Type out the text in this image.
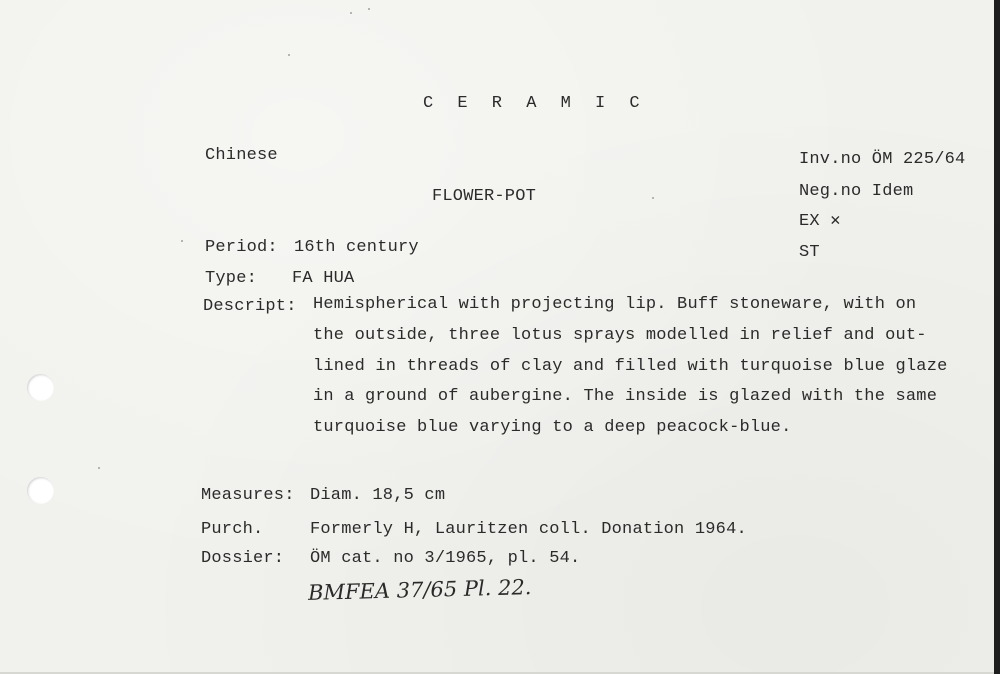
C E R A M I C
Chinese
FLOWER-POT
Inv.no ÖM 225/64
Neg.no Idem
EX ✕
ST
Period: 16th century
Type: FA HUA
Descript: Hemispherical with projecting lip. Buff stoneware, with on
the outside, three lotus sprays modelled in relief and out-
lined in threads of clay and filled with turquoise blue glaze
in a ground of aubergine. The inside is glazed with the same
turquoise blue varying to a deep peacock-blue.
Measures: Diam. 18,5 cm
Purch.	Formerly H, Lauritzen coll. Donation 1964.
Dossier: ÖM cat. no 3/1965, pl. 54.
BMFEA 37/65 Pl. 22.
